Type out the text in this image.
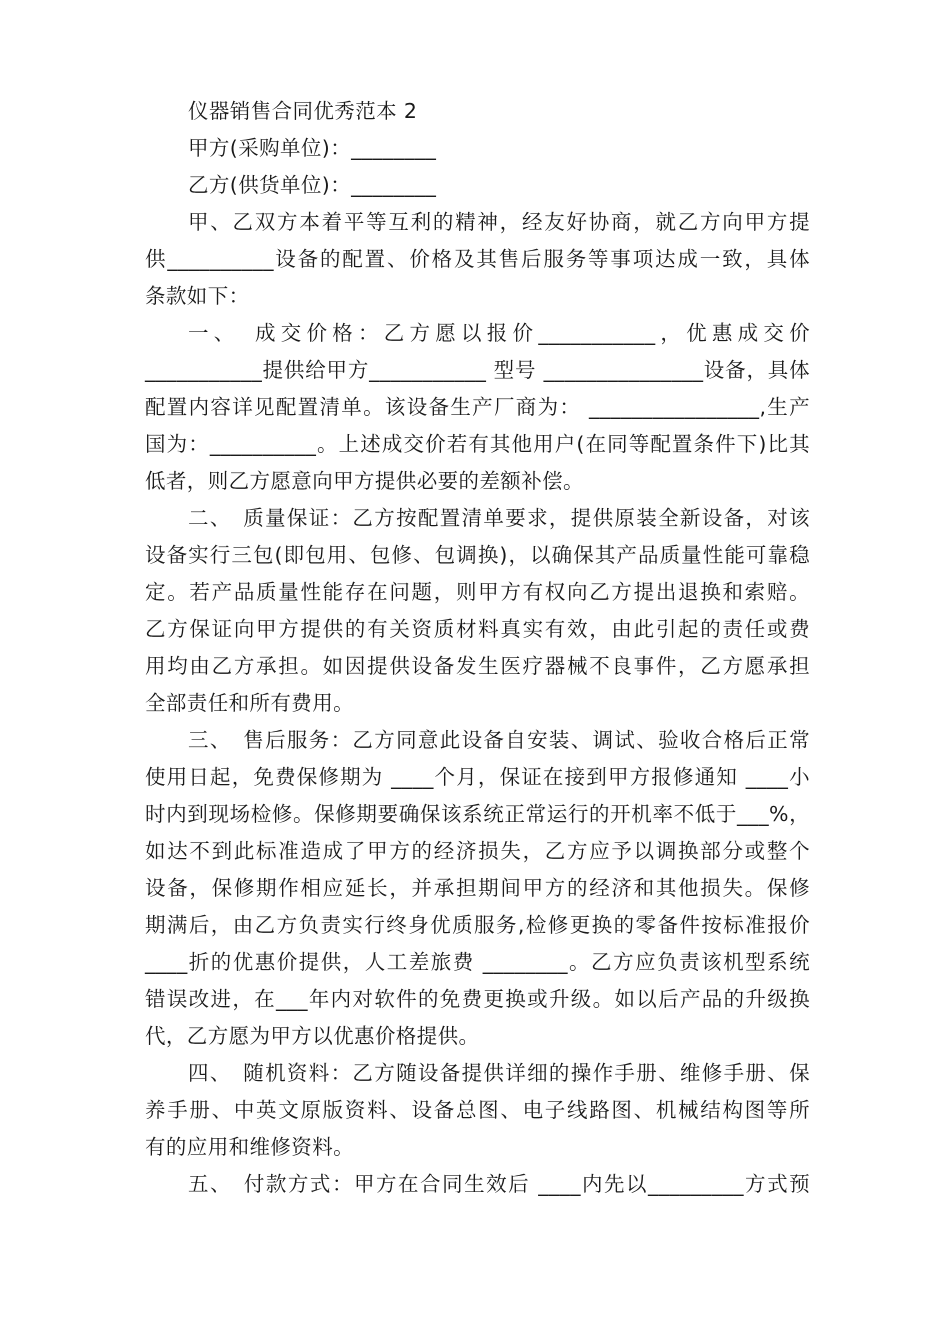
仪器销售合同优秀范本 2
甲方(采购单位)：________
乙方(供货单位)：________
甲、乙双方本着平等互利的精神，经友好协商，就乙方向甲方提
供__________设备的配置、价格及其售后服务等事项达成一致，具体
条款如下：
一、　成交价格：乙方愿以报价___________，优惠成交价
___________提供给甲方___________ 型号 _______________设备，具体
配置内容详见配置清单。该设备生产厂商为： ________________,生产
国为：__________。上述成交价若有其他用户(在同等配置条件下)比其
低者，则乙方愿意向甲方提供必要的差额补偿。
二、　质量保证：乙方按配置清单要求，提供原装全新设备，对该
设备实行三包(即包用、包修、包调换)，以确保其产品质量性能可靠稳
定。若产品质量性能存在问题，则甲方有权向乙方提出退换和索赔。
乙方保证向甲方提供的有关资质材料真实有效，由此引起的责任或费
用均由乙方承担。如因提供设备发生医疗器械不良事件，乙方愿承担
全部责任和所有费用。
三、　售后服务：乙方同意此设备自安装、调试、验收合格后正常
使用日起，免费保修期为 ____个月，保证在接到甲方报修通知 ____小
时内到现场检修。保修期要确保该系统正常运行的开机率不低于___%，
如达不到此标准造成了甲方的经济损失，乙方应予以调换部分或整个
设备，保修期作相应延长，并承担期间甲方的经济和其他损失。保修
期满后，由乙方负责实行终身优质服务,检修更换的零备件按标准报价
____折的优惠价提供，人工差旅费 ________。乙方应负责该机型系统
错误改进，在___年内对软件的免费更换或升级。如以后产品的升级换
代，乙方愿为甲方以优惠价格提供。
四、　随机资料：乙方随设备提供详细的操作手册、维修手册、保
养手册、中英文原版资料、设备总图、电子线路图、机械结构图等所
有的应用和维修资料。
五、　付款方式：甲方在合同生效后 ____内先以_________方式预
